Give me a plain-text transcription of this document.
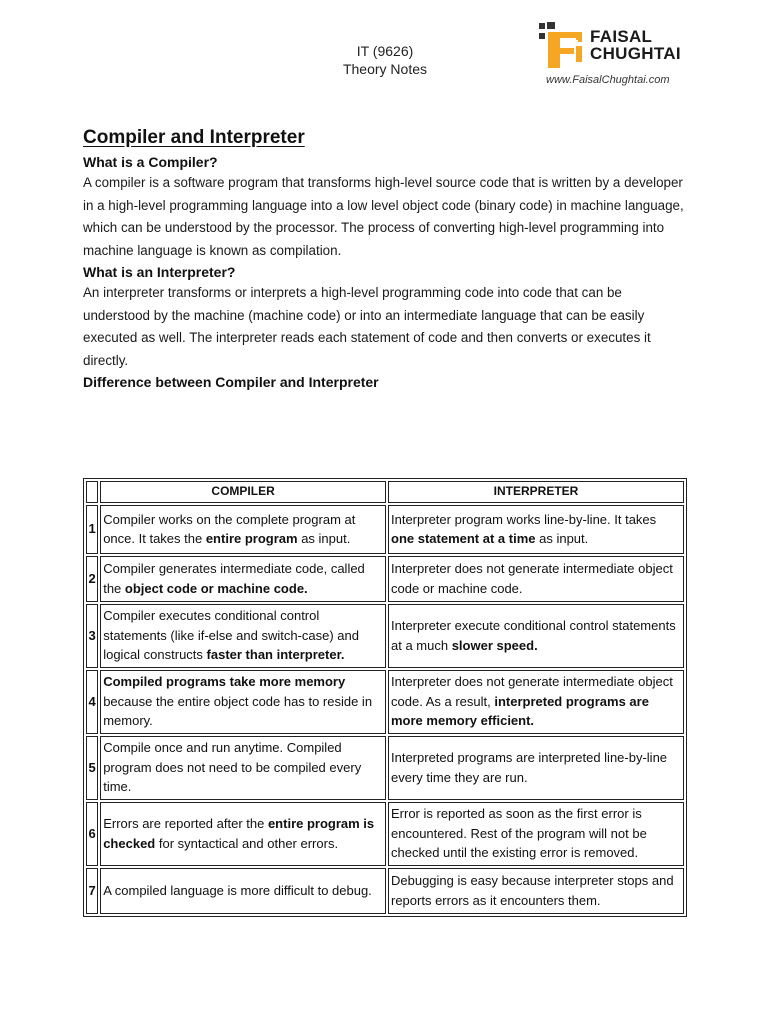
IT (9626)
Theory Notes
FAISAL
CHUGHTAI
www.FaisalChughtai.com
Compiler and Interpreter
What is a Compiler?

A compiler is a software program that transforms high-level source code that is written by a developer in a high-level programming language into a low level object code (binary code) in machine language, which can be understood by the processor. The process of converting high-level programming into machine language is known as compilation.

What is an Interpreter?

An interpreter transforms or interprets a high-level programming code into code that can be understood by the machine (machine code) or into an intermediate language that can be easily executed as well. The interpreter reads each statement of code and then converts or executes it directly.

Difference between Compiler and Interpreter
	COMPILER	INTERPRETER
1	Compiler works on the complete program at once. It takes the entire program as input.	Interpreter program works line-by-line. It takes one statement at a time as input.
2	Compiler generates intermediate code, called the object code or machine code.	Interpreter does not generate intermediate object code or machine code.
3	Compiler executes conditional control statements (like if-else and switch-case) and logical constructs faster than interpreter.	Interpreter execute conditional control statements at a much slower speed.
4	Compiled programs take more memory because the entire object code has to reside in memory.	Interpreter does not generate intermediate object code. As a result, interpreted programs are more memory efficient.
5	Compile once and run anytime. Compiled program does not need to be compiled every time.	Interpreted programs are interpreted line-by-line every time they are run.
6	Errors are reported after the entire program is checked for syntactical and other errors.	Error is reported as soon as the first error is encountered. Rest of the program will not be checked until the existing error is removed.
7	A compiled language is more difficult to debug.	Debugging is easy because interpreter stops and reports errors as it encounters them.
